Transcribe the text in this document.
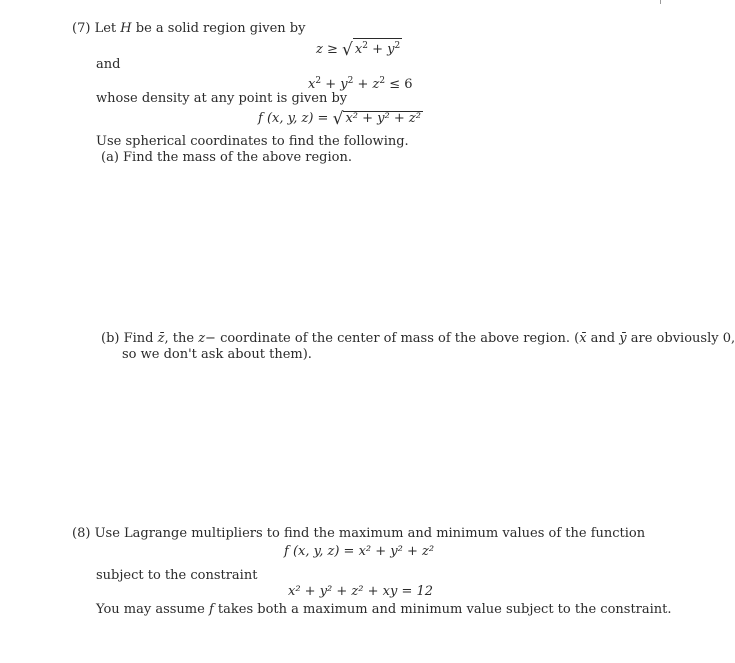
(7) Let H be a solid region given by
z ≥ √ $x^2 + y^2$
and
$x^2 + y^2 + z^2 \le 6$
whose density at any point is given by
f (x, y, z) = √ x² + y² + z²
Use spherical coordinates to find the following.
(a) Find the mass of the above region.
(b) Find z̄, the z− coordinate of the center of mass of the above region. (x̄ and ȳ are obviously 0,
so we don't ask about them).
(8) Use Lagrange multipliers to find the maximum and minimum values of the function
f (x, y, z) = x² + y² + z²
subject to the constraint
x² + y² + z² + xy = 12
You may assume f takes both a maximum and minimum value subject to the constraint.
